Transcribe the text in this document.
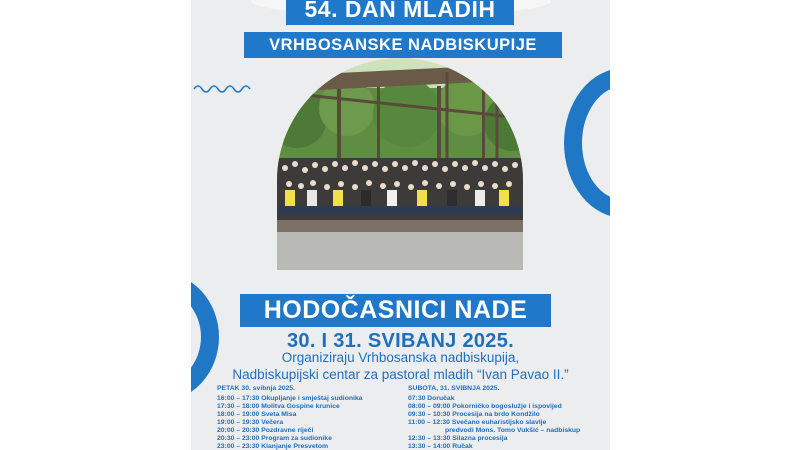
54. DAN MLADIH
VRHBOSANSKE NADBISKUPIJE
HODOČASNICI NADE
30. I 31. SVIBANJ 2025.
Organiziraju Vrhbosanska nadbiskupija,
Nadbiskupijski centar za pastoral mladih “Ivan Pavao II.”
PETAK 30. svibnja 2025.
16:00 – 17:30 Okupljanje i smještaj sudionika
17:30 – 18:00 Molitva Gospine krunice
18:00 – 19:00 Sveta Misa
19:00 – 19:30 Večera
20:00 – 20:30 Pozdravne riječi
20:30 – 23:00 Program za sudionike
23:00 – 23:30 Klanjanje Presvetom
SUBOTA, 31. SVIBNJA 2025.
07:30 Doručak
08:00 – 09:00 Pokorničko bogoslužje i ispovijed
09:30 – 10:30 Procesija na brdo Kondžilo
11:00 – 12:30 Svečano euharistijsko slavlje
predvodi Mons. Tomo Vukšić – nadbiskup
12:30 – 13:30 Silazna procesija
13:30 – 14:00 Ručak
